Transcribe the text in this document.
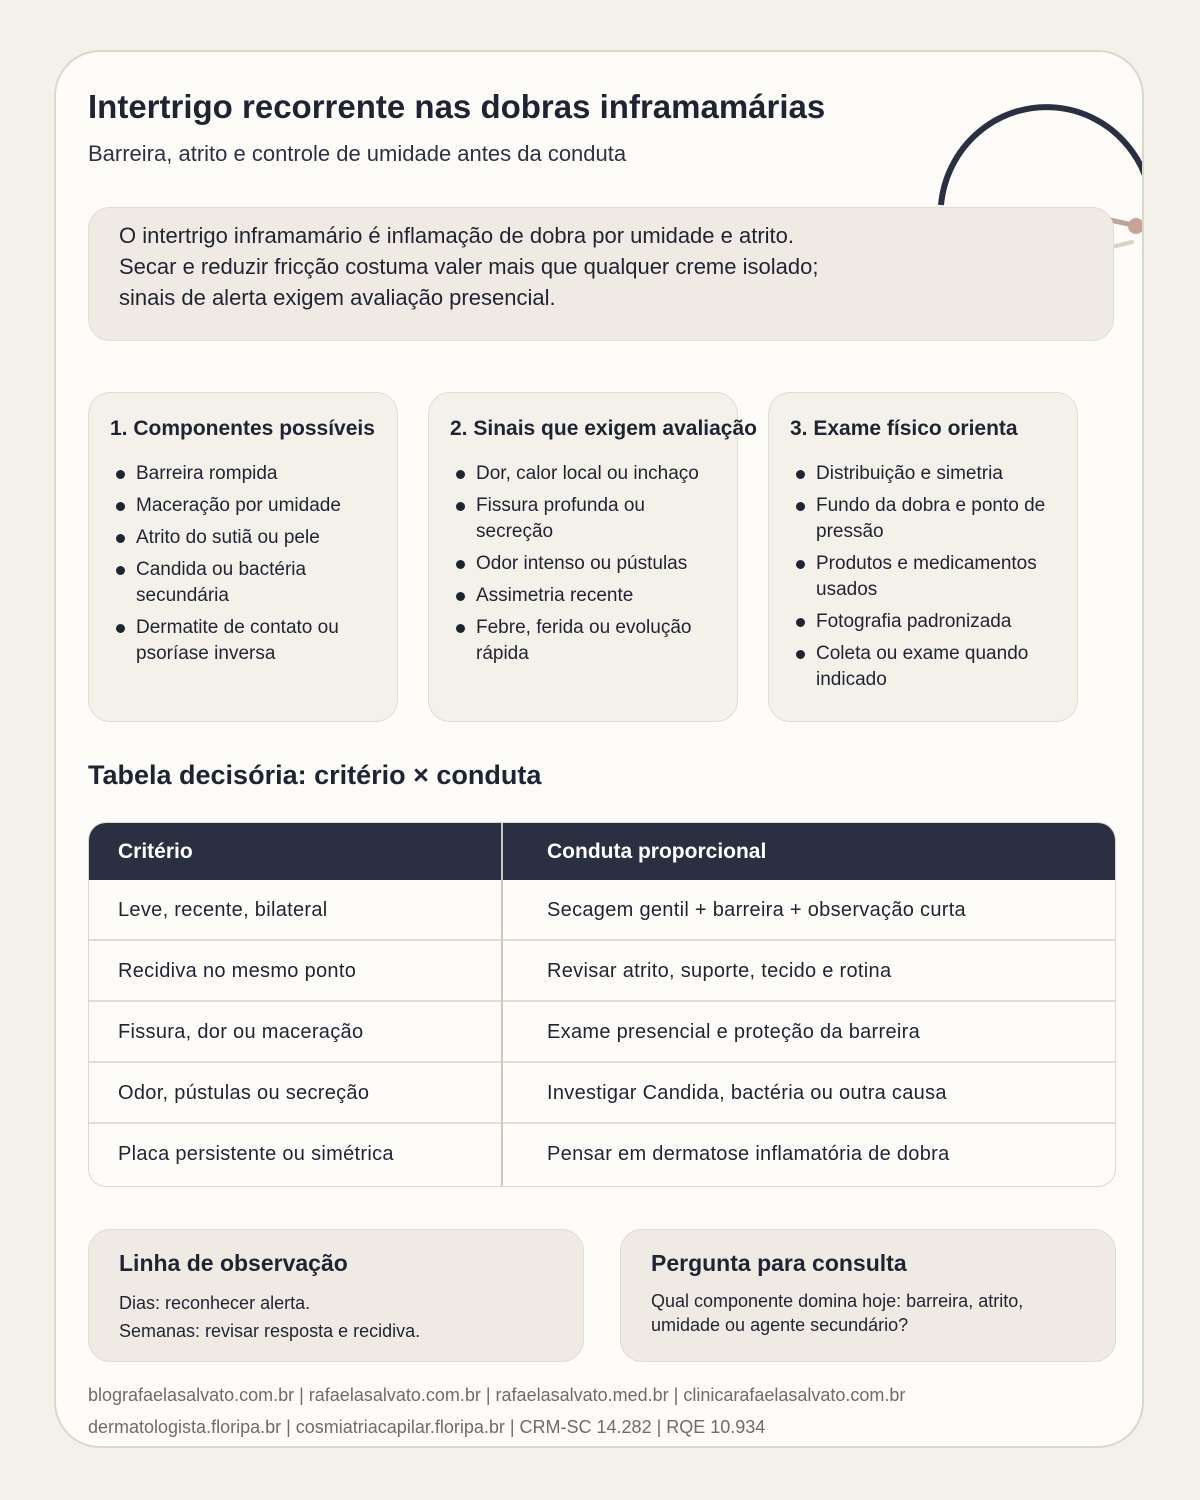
Intertrigo recorrente nas dobras inframamárias

Barreira, atrito e controle de umidade antes da conduta

O intertrigo inframamário é inflamação de dobra por umidade e atrito.
Secar e reduzir fricção costuma valer mais que qualquer creme isolado;
sinais de alerta exigem avaliação presencial.
1. Componentes possíveis
Barreira rompida
Maceração por umidade
Atrito do sutiã ou pele
Candida ou bactéria secundária
Dermatite de contato ou psoríase inversa
2. Sinais que exigem avaliação
Dor, calor local ou inchaço
Fissura profunda ou secreção
Odor intenso ou pústulas
Assimetria recente
Febre, ferida ou evolução rápida
3. Exame físico orienta
Distribuição e simetria
Fundo da dobra e ponto de pressão
Produtos e medicamentos usados
Fotografia padronizada
Coleta ou exame quando indicado
Tabela decisória: critério × conduta
Critério	Conduta proporcional
Leve, recente, bilateral	Secagem gentil + barreira + observação curta
Recidiva no mesmo ponto	Revisar atrito, suporte, tecido e rotina
Fissura, dor ou maceração	Exame presencial e proteção da barreira
Odor, pústulas ou secreção	Investigar Candida, bactéria ou outra causa
Placa persistente ou simétrica	Pensar em dermatose inflamatória de dobra
Linha de observação

Dias: reconhecer alerta.

Semanas: revisar resposta e recidiva.

Pergunta para consulta

Qual componente domina hoje: barreira, atrito,

umidade ou agente secundário?

blografaelasalvato.com.br | rafaelasalvato.com.br | rafaelasalvato.med.br | clinicarafaelasalvato.com.br
dermatologista.floripa.br | cosmiatriacapilar.floripa.br | CRM-SC 14.282 | RQE 10.934
